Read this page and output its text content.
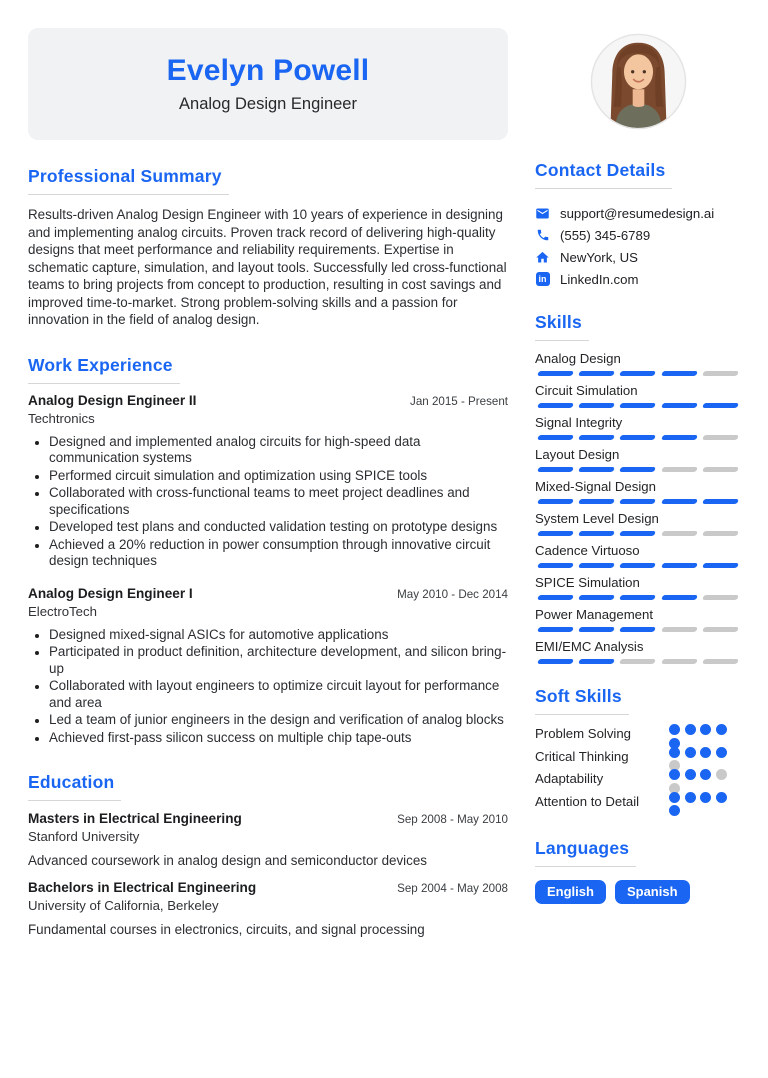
Evelyn Powell
Analog Design Engineer
Professional Summary

Results-driven Analog Design Engineer with 10 years of experience in designing and implementing analog circuits. Proven track record of delivering high-quality designs that meet performance and reliability requirements. Expertise in schematic capture, simulation, and layout tools. Successfully led cross-functional teams to bring projects from concept to production, resulting in cost savings and improved time-to-market. Strong problem-solving skills and a passion for innovation in the field of analog design.

Work Experience
Analog Design Engineer II	Jan 2015 - Present
Techtronics
• Designed and implemented analog circuits for high-speed data communication systems
• Performed circuit simulation and optimization using SPICE tools
• Collaborated with cross-functional teams to meet project deadlines and specifications
• Developed test plans and conducted validation testing on prototype designs
• Achieved a 20% reduction in power consumption through innovative circuit design techniques
Analog Design Engineer I	May 2010 - Dec 2014
ElectroTech
• Designed mixed-signal ASICs for automotive applications
• Participated in product definition, architecture development, and silicon bring-up
• Collaborated with layout engineers to optimize circuit layout for performance and area
• Led a team of junior engineers in the design and verification of analog blocks
• Achieved first-pass silicon success on multiple chip tape-outs
Education
Masters in Electrical Engineering	Sep 2008 - May 2010
Stanford University
Advanced coursework in analog design and semiconductor devices
Bachelors in Electrical Engineering	Sep 2004 - May 2008
University of California, Berkeley
Fundamental courses in electronics, circuits, and signal processing
Contact Details
support@resumedesign.ai
(555) 345-6789
NewYork, US
in LinkedIn.com
Skills
Analog Design
Circuit Simulation
Signal Integrity
Layout Design
Mixed-Signal Design
System Level Design
Cadence Virtuoso
SPICE Simulation
Power Management
EMI/EMC Analysis
Soft Skills
Problem Solving
Critical Thinking
Adaptability
Attention to Detail
Languages
English	Spanish
